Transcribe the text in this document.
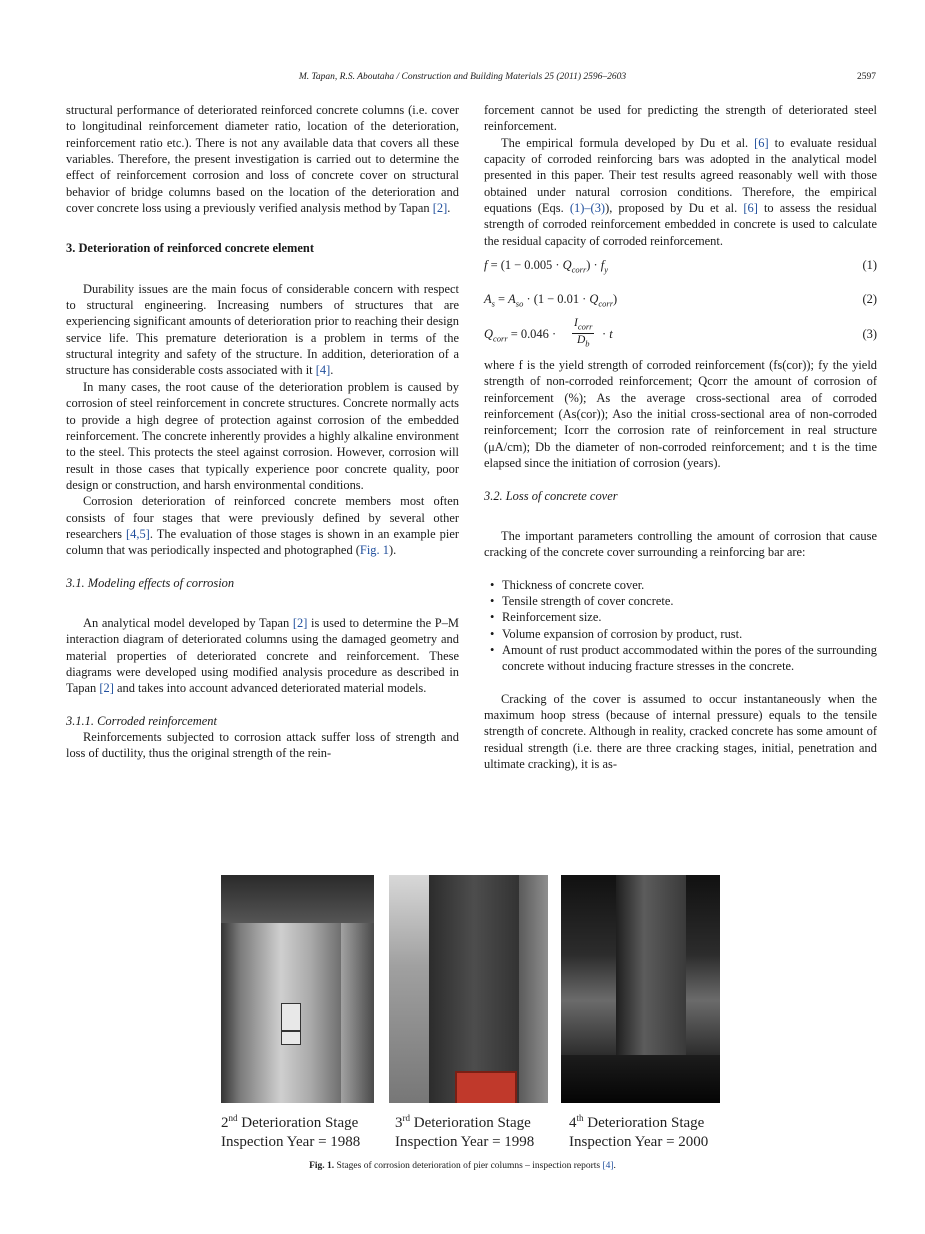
M. Tapan, R.S. Aboutaha / Construction and Building Materials 25 (2011) 2596–2603	2597

structural performance of deteriorated reinforced concrete columns (i.e. cover to longitudinal reinforcement diameter ratio, location of the deterioration, reinforcement ratio etc.). There is not any available data that covers all these variables. Therefore, the present investigation is carried out to determine the effect of reinforcement corrosion and loss of concrete cover on structural behavior of bridge columns based on the location of the deterioration and cover concrete loss using a previously verified analysis method by Tapan [2].

3. Deterioration of reinforced concrete element

Durability issues are the main focus of considerable concern with respect to structural engineering. Increasing numbers of structures that are experiencing significant amounts of deterioration prior to reaching their design service life. This premature deterioration is a problem in terms of the structural integrity and safety of the structure. In addition, deterioration of a structure has considerable costs associated with it [4].

In many cases, the root cause of the deterioration problem is caused by corrosion of steel reinforcement in concrete structures. Concrete normally acts to provide a high degree of protection against corrosion of the embedded reinforcement. The concrete inherently provides a highly alkaline environment to the steel. This protects the steel against corrosion. However, corrosion will result in those cases that typically experience poor concrete quality, poor design or construction, and harsh environmental conditions.

Corrosion deterioration of reinforced concrete members most often consists of four stages that were previously defined by several other researchers [4,5]. The evaluation of those stages is shown in an example pier column that was periodically inspected and photographed (Fig. 1).

3.1. Modeling effects of corrosion

An analytical model developed by Tapan [2] is used to determine the P–M interaction diagram of deteriorated columns using the damaged geometry and material properties of deteriorated concrete and reinforcement. These diagrams were developed using modified analysis procedure as described in Tapan [2] and takes into account advanced deteriorated material models.

3.1.1. Corroded reinforcement

Reinforcements subjected to corrosion attack suffer loss of strength and loss of ductility, thus the original strength of the rein-

forcement cannot be used for predicting the strength of deteriorated steel reinforcement.

The empirical formula developed by Du et al. [6] to evaluate residual capacity of corroded reinforcing bars was adopted in the analytical model presented in this paper. Their test results agreed reasonably well with those obtained under natural corrosion conditions. Therefore, the empirical equations (Eqs. (1)–(3)), proposed by Du et al. [6] to assess the residual strength of corroded reinforcement embedded in concrete is used to calculate the residual capacity of corroded reinforcement.

$f = (1 - 0.005 \cdot Q_{corr}) \cdot f_y$	(1)
$A_s = A_{so} \cdot (1 - 0.01 \cdot Q_{corr})$	(2)
$Q_{corr} = 0.046$ ·
$I_{corr}$
$D_b$
· t	(3)

where f is the yield strength of corroded reinforcement (fs(cor)); fy the yield strength of non-corroded reinforcement; Qcorr the amount of corrosion of reinforcement (%); As the average cross-sectional area of corroded reinforcement (As(cor)); Aso the initial cross-sectional area of non-corroded reinforcement; Icorr the corrosion rate of reinforcement in real structure (μA/cm); Db the diameter of non-corroded reinforcement; and t is the time elapsed since the initiation of corrosion (years).

3.2. Loss of concrete cover

The important parameters controlling the amount of corrosion that cause cracking of the concrete cover surrounding a reinforcing bar are:

• Thickness of concrete cover.
• Tensile strength of cover concrete.
• Reinforcement size.
• Volume expansion of corrosion by product, rust.
• Amount of rust product accommodated within the pores of the surrounding concrete without inducing fracture stresses in the concrete.

Cracking of the cover is assumed to occur instantaneously when the maximum hoop stress (because of internal pressure) equals to the tensile strength of concrete. Although in reality, cracked concrete has some amount of residual strength (i.e. there are three cracking stages, initial, penetration and ultimate cracking), it is as-

2nd Deterioration Stage
Inspection Year = 1988
3rd Deterioration Stage
Inspection Year = 1998
4th Deterioration Stage
Inspection Year = 2000
Fig. 1. Stages of corrosion deterioration of pier columns – inspection reports [4].
